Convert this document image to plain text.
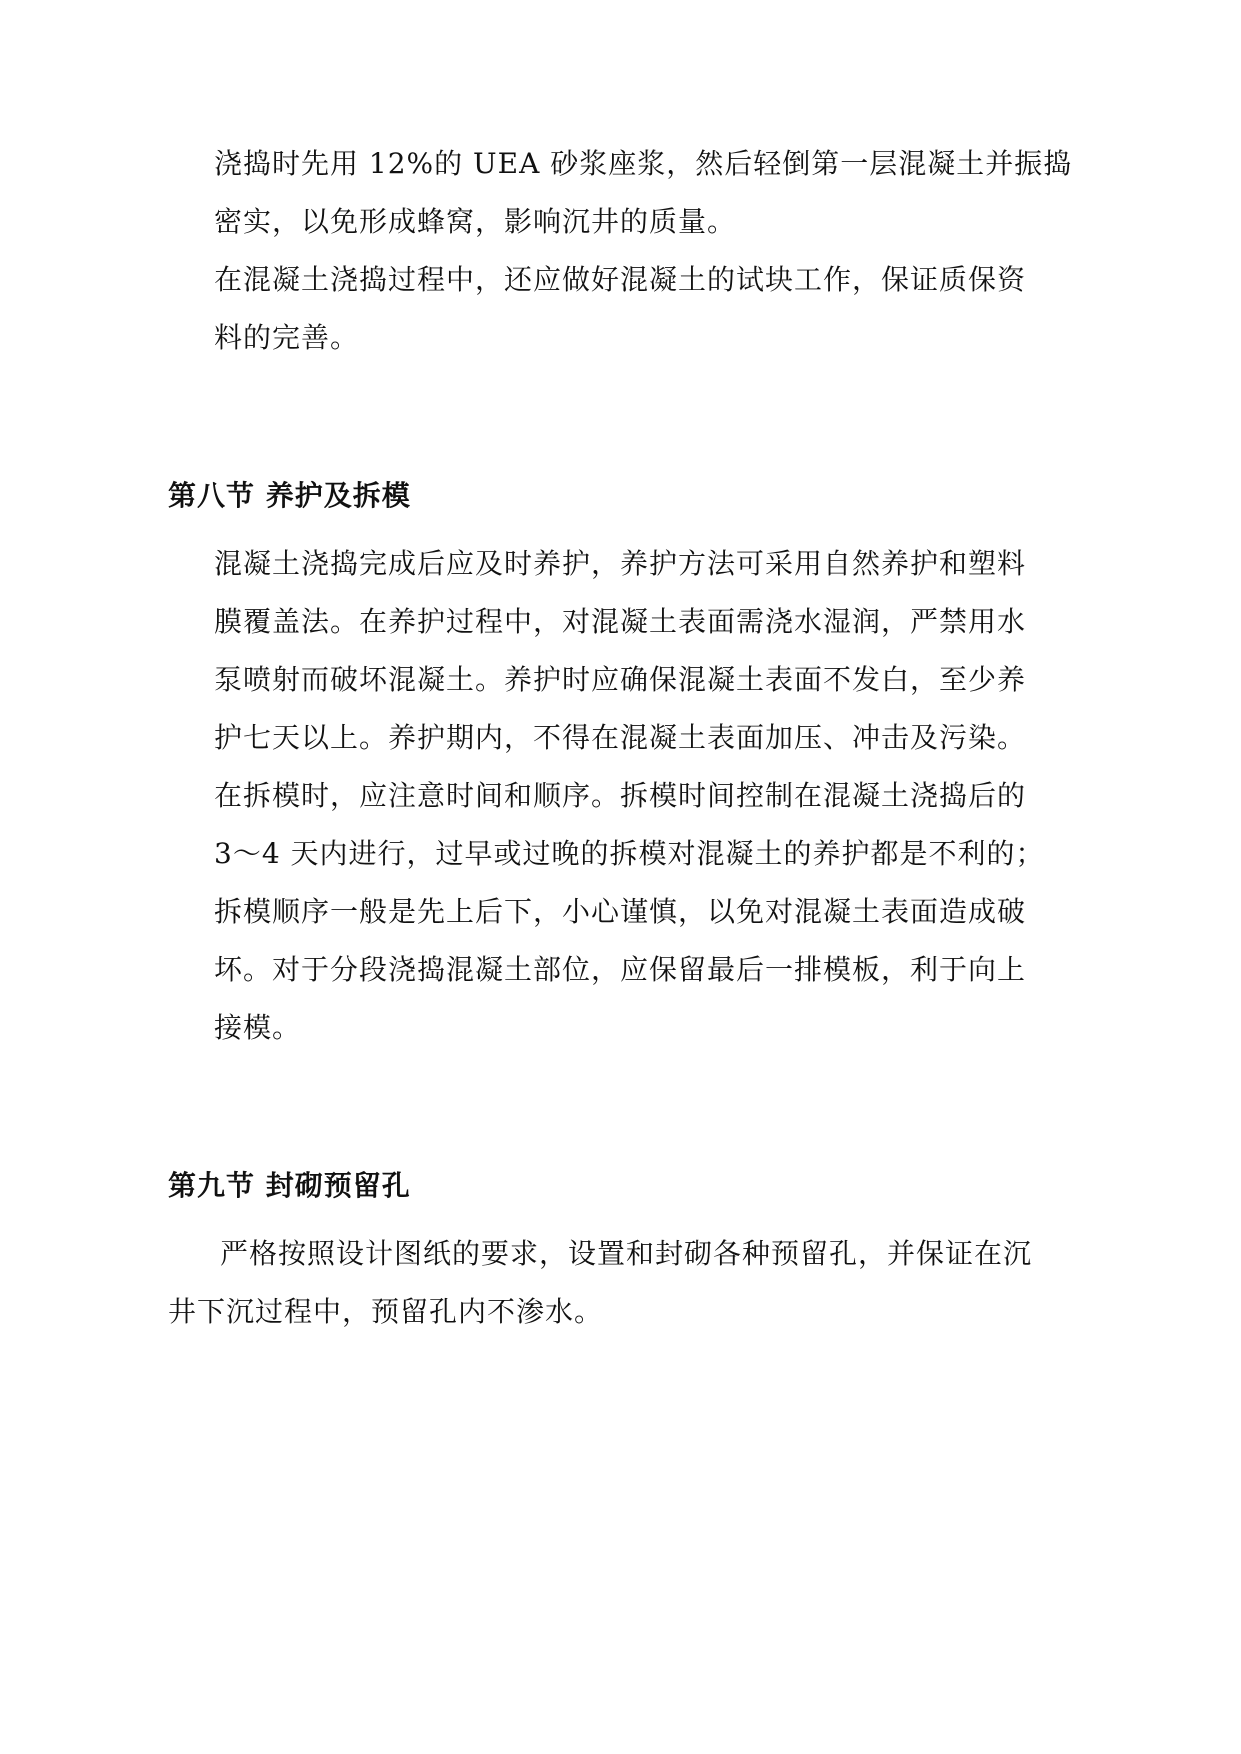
浇捣时先用 12%的 UEA 砂浆座浆，然后轻倒第一层混凝土并振捣
密实，以免形成蜂窝，影响沉井的质量。
在混凝土浇捣过程中，还应做好混凝土的试块工作，保证质保资
料的完善。
第八节 养护及拆模
混凝土浇捣完成后应及时养护，养护方法可采用自然养护和塑料
膜覆盖法。在养护过程中，对混凝土表面需浇水湿润，严禁用水
泵喷射而破坏混凝土。养护时应确保混凝土表面不发白，至少养
护七天以上。养护期内，不得在混凝土表面加压、冲击及污染。
在拆模时，应注意时间和顺序。拆模时间控制在混凝土浇捣后的
3～4 天内进行，过早或过晚的拆模对混凝土的养护都是不利的；
拆模顺序一般是先上后下，小心谨慎，以免对混凝土表面造成破
坏。对于分段浇捣混凝土部位，应保留最后一排模板，利于向上
接模。
第九节 封砌预留孔
严格按照设计图纸的要求，设置和封砌各种预留孔，并保证在沉
井下沉过程中，预留孔内不渗水。
